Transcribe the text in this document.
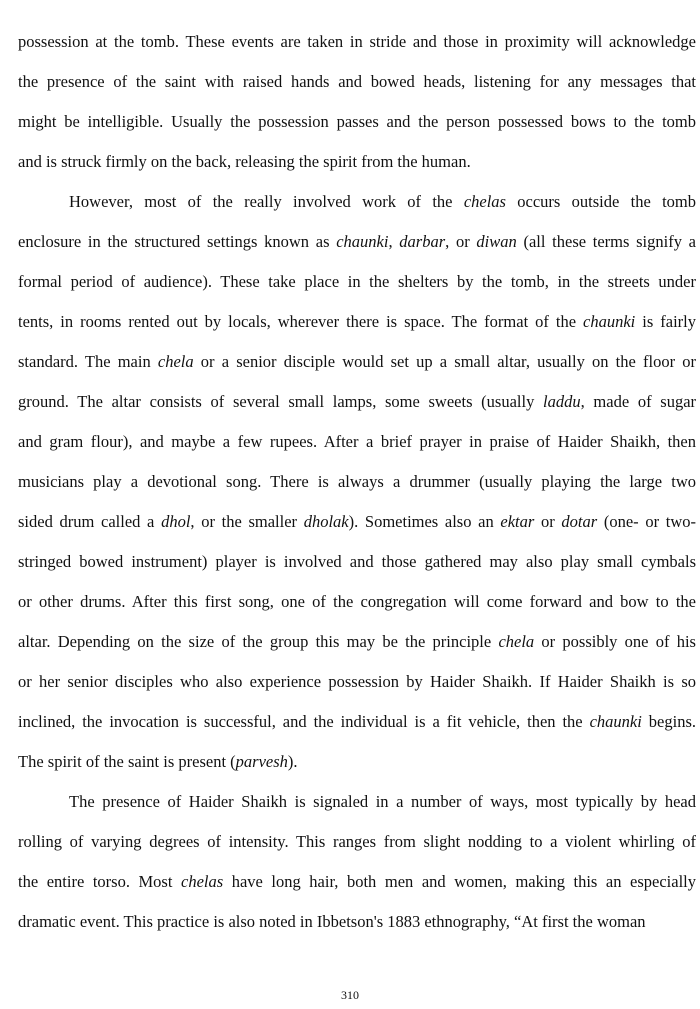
possession at the tomb. These events are taken in stride and those in proximity will acknowledge
the presence of the saint with raised hands and bowed heads, listening for any messages that
might be intelligible. Usually the possession passes and the person possessed bows to the tomb
and is struck firmly on the back, releasing the spirit from the human.
However, most of the really involved work of the chelas occurs outside the tomb
enclosure in the structured settings known as chaunki, darbar, or diwan (all these terms signify a
formal period of audience). These take place in the shelters by the tomb, in the streets under
tents, in rooms rented out by locals, wherever there is space. The format of the chaunki is fairly
standard. The main chela or a senior disciple would set up a small altar, usually on the floor or
ground. The altar consists of several small lamps, some sweets (usually laddu, made of sugar
and gram flour), and maybe a few rupees. After a brief prayer in praise of Haider Shaikh, then
musicians play a devotional song. There is always a drummer (usually playing the large two
sided drum called a dhol, or the smaller dholak). Sometimes also an ektar or dotar (one- or two-
stringed bowed instrument) player is involved and those gathered may also play small cymbals
or other drums. After this first song, one of the congregation will come forward and bow to the
altar. Depending on the size of the group this may be the principle chela or possibly one of his
or her senior disciples who also experience possession by Haider Shaikh. If Haider Shaikh is so
inclined, the invocation is successful, and the individual is a fit vehicle, then the chaunki begins.
The spirit of the saint is present (parvesh).
The presence of Haider Shaikh is signaled in a number of ways, most typically by head
rolling of varying degrees of intensity. This ranges from slight nodding to a violent whirling of
the entire torso. Most chelas have long hair, both men and women, making this an especially
dramatic event. This practice is also noted in Ibbetson's 1883 ethnography, “At first the woman
310
